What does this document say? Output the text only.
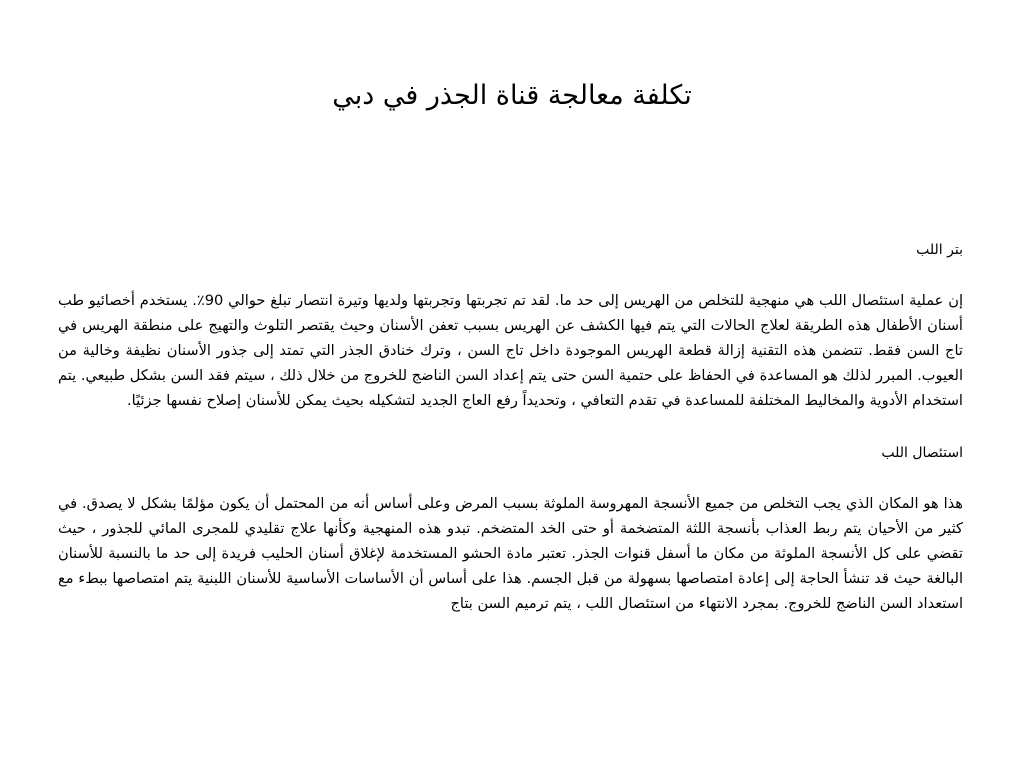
تكلفة معالجة قناة الجذر في دبي

بتر اللب

إن عملية استئصال اللب هي منهجية للتخلص من الهريس إلى حد ما. لقد تم تجربتها وتجربتها ولديها وتيرة انتصار تبلغ حوالي 90٪. يستخدم أخصائيو طب أسنان الأطفال هذه الطريقة لعلاج الحالات التي يتم فيها الكشف عن الهريس بسبب تعفن الأسنان وحيث يقتصر التلوث والتهيج على منطقة الهريس في تاج السن فقط. تتضمن هذه التقنية إزالة قطعة الهريس الموجودة داخل تاج السن ، وترك خنادق الجذر التي تمتد إلى جذور الأسنان نظيفة وخالية من العيوب. المبرر لذلك هو المساعدة في الحفاظ على حتمية السن حتى يتم إعداد السن الناضج للخروج من خلال ذلك ، سيتم فقد السن بشكل طبيعي. يتم استخدام الأدوية والمخاليط المختلفة للمساعدة في تقدم التعافي ، وتحديداً رفع العاج الجديد لتشكيله بحيث يمكن للأسنان إصلاح نفسها جزئيًا.

استئصال اللب

هذا هو المكان الذي يجب التخلص من جميع الأنسجة المهروسة الملوثة بسبب المرض وعلى أساس أنه من المحتمل أن يكون مؤلمًا بشكل لا يصدق. في كثير من الأحيان يتم ربط العذاب بأنسجة اللثة المتضخمة أو حتى الخد المتضخم. تبدو هذه المنهجية وكأنها علاج تقليدي للمجرى المائي للجذور ، حيث تقضي على كل الأنسجة الملوثة من مكان ما أسفل قنوات الجذر. تعتبر مادة الحشو المستخدمة لإغلاق أسنان الحليب فريدة إلى حد ما بالنسبة للأسنان البالغة حيث قد تنشأ الحاجة إلى إعادة امتصاصها بسهولة من قبل الجسم. هذا على أساس أن الأساسات الأساسية للأسنان اللبنية يتم امتصاصها ببطء مع استعداد السن الناضج للخروج. بمجرد الانتهاء من استئصال اللب ، يتم ترميم السن بتاج
